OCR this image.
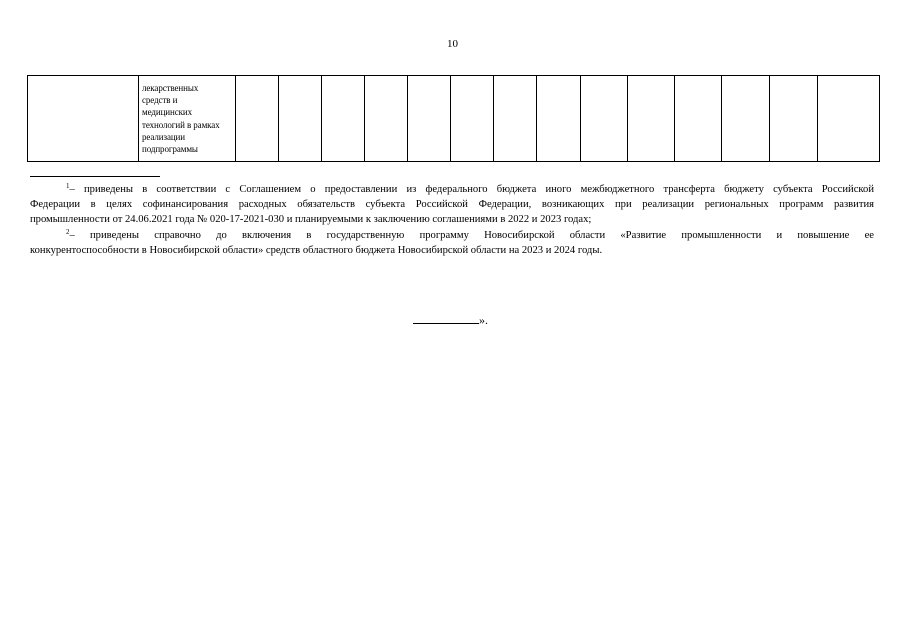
10

лекарственных
средств и
медицинских
технологий в рамках
реализации
подпрограммы

$^1$– приведены в соответствии с Соглашением о предоставлении из федерального бюджета иного межбюджетного трансферта бюджету субъекта Российской
Федерации в целях софинансирования расходных обязательств субъекта Российской Федерации, возникающих при реализации региональных программ развития
промышленности от 24.06.2021 года № 020-17-2021-030 и планируемыми к заключению соглашениями в 2022 и 2023 годах;
$^2$– приведены справочно до включения в государственную программу Новосибирской области «Развитие промышленности и повышение ее
конкурентоспособности в Новосибирской области» средств областного бюджета Новосибирской области на 2023 и 2024 годы.
».
